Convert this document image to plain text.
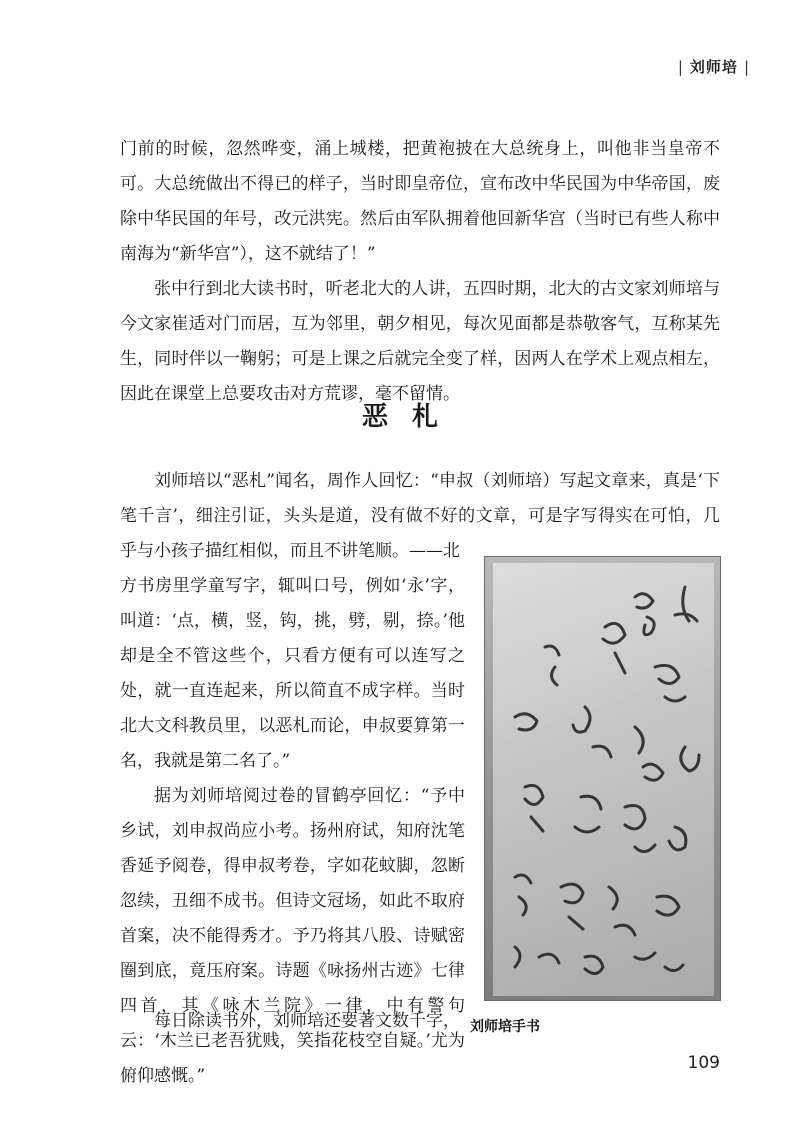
| 刘师培 |

门前的时候，忽然哗变，涌上城楼，把黄袍披在大总统身上，叫他非当皇帝不可。大总统做出不得已的样子，当时即皇帝位，宣布改中华民国为中华帝国，废除中华民国的年号，改元洪宪。然后由军队拥着他回新华宫（当时已有些人称中南海为“新华宫”），这不就结了！”

张中行到北大读书时，听老北大的人讲，五四时期，北大的古文家刘师培与今文家崔适对门而居，互为邻里，朝夕相见，每次见面都是恭敬客气，互称某先生，同时伴以一鞠躬；可是上课之后就完全变了样，因两人在学术上观点相左，因此在课堂上总要攻击对方荒谬，毫不留情。

恶札

刘师培以“恶札”闻名，周作人回忆：“申叔（刘师培）写起文章来，真是‘下笔千言’，细注引证，头头是道，没有做不好的文章，可是字写得实在可怕，几乎与小孩子描红相似，而且不讲笔顺。——北

方书房里学童写字，辄叫口号，例如‘永’字，叫道：‘点，横，竖，钩，挑，劈，剔，捺。’他却是全不管这些个，只看方便有可以连写之处，就一直连起来，所以简直不成字样。当时北大文科教员里，以恶札而论，申叔要算第一名，我就是第二名了。”

据为刘师培阅过卷的冒鹤亭回忆：“予中乡试，刘申叔尚应小考。扬州府试，知府沈笔香延予阅卷，得申叔考卷，字如花蚊脚，忽断忽续，丑细不成书。但诗文冠场，如此不取府首案，决不能得秀才。予乃将其八股、诗赋密圈到底，竟压府案。诗题《咏扬州古迹》七律四首，其《咏木兰院》一律，中有警句云：‘木兰已老吾犹贱，笑指花枝空自疑。’尤为俯仰感慨。”

每日除读书外，刘师培还要著文数千字， 刘师培手书
109
